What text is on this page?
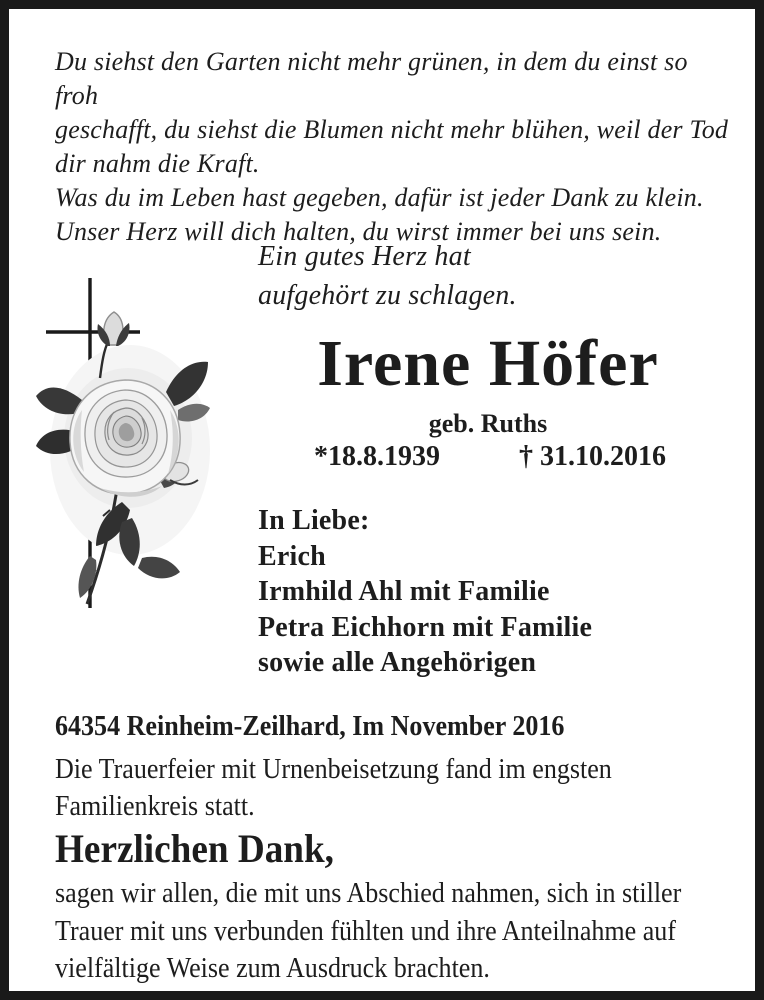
Du siehst den Garten nicht mehr grünen, in dem du einst so froh
geschafft, du siehst die Blumen nicht mehr blühen, weil der Tod
dir nahm die Kraft.
Was du im Leben hast gegeben, dafür ist jeder Dank zu klein.
Unser Herz will dich halten, du wirst immer bei uns sein.
Ein gutes Herz hat
aufgehört zu schlagen.
Irene Höfer
geb. Ruths
*18.8.1939	† 31.10.2016
In Liebe:
Erich
Irmhild Ahl mit Familie
Petra Eichhorn mit Familie
sowie alle Angehörigen
64354 Reinheim-Zeilhard, Im November 2016
Die Trauerfeier mit Urnenbeisetzung fand im engsten
Familienkreis statt.
Herzlichen Dank,
sagen wir allen, die mit uns Abschied nahmen, sich in stiller
Trauer mit uns verbunden fühlten und ihre Anteilnahme auf
vielfältige Weise zum Ausdruck brachten.
